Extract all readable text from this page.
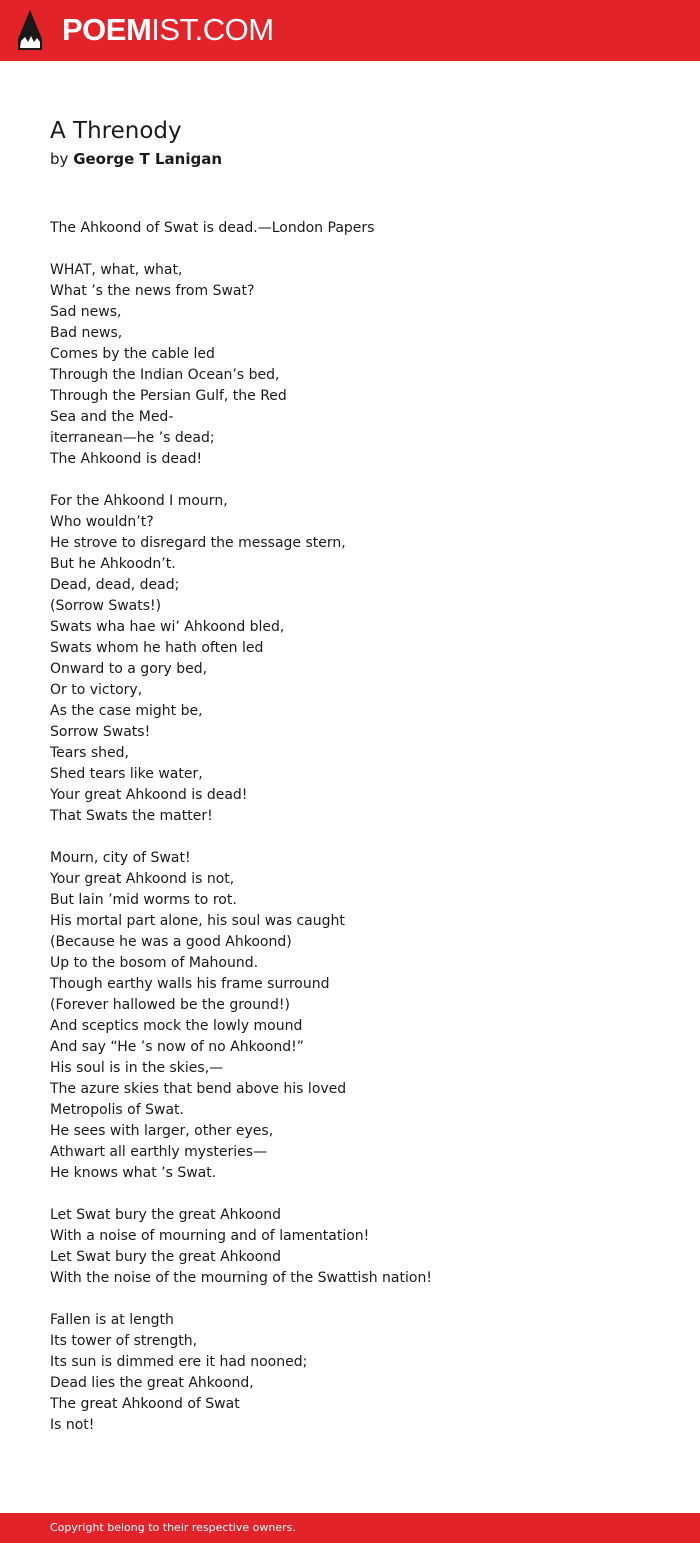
POEMIST.COM
A Threnody
by George T Lanigan
The Ahkoond of Swat is dead.—London Papers
WHAT, what, what,
What ’s the news from Swat?
Sad news,
Bad news,
Comes by the cable led
Through the Indian Ocean’s bed,
Through the Persian Gulf, the Red
Sea and the Med-
iterranean—he ’s dead;
The Ahkoond is dead!
For the Ahkoond I mourn,
Who wouldn’t?
He strove to disregard the message stern,
But he Ahkoodn’t.
Dead, dead, dead;
(Sorrow Swats!)
Swats wha hae wi’ Ahkoond bled,
Swats whom he hath often led
Onward to a gory bed,
Or to victory,
As the case might be,
Sorrow Swats!
Tears shed,
Shed tears like water,
Your great Ahkoond is dead!
That Swats the matter!
Mourn, city of Swat!
Your great Ahkoond is not,
But lain ’mid worms to rot.
His mortal part alone, his soul was caught
(Because he was a good Ahkoond)
Up to the bosom of Mahound.
Though earthy walls his frame surround
(Forever hallowed be the ground!)
And sceptics mock the lowly mound
And say “He ’s now of no Ahkoond!”
His soul is in the skies,—
The azure skies that bend above his loved
Metropolis of Swat.
He sees with larger, other eyes,
Athwart all earthly mysteries—
He knows what ’s Swat.
Let Swat bury the great Ahkoond
With a noise of mourning and of lamentation!
Let Swat bury the great Ahkoond
With the noise of the mourning of the Swattish nation!
Fallen is at length
Its tower of strength,
Its sun is dimmed ere it had nooned;
Dead lies the great Ahkoond,
The great Ahkoond of Swat
Is not!
Copyright belong to their respective owners.
